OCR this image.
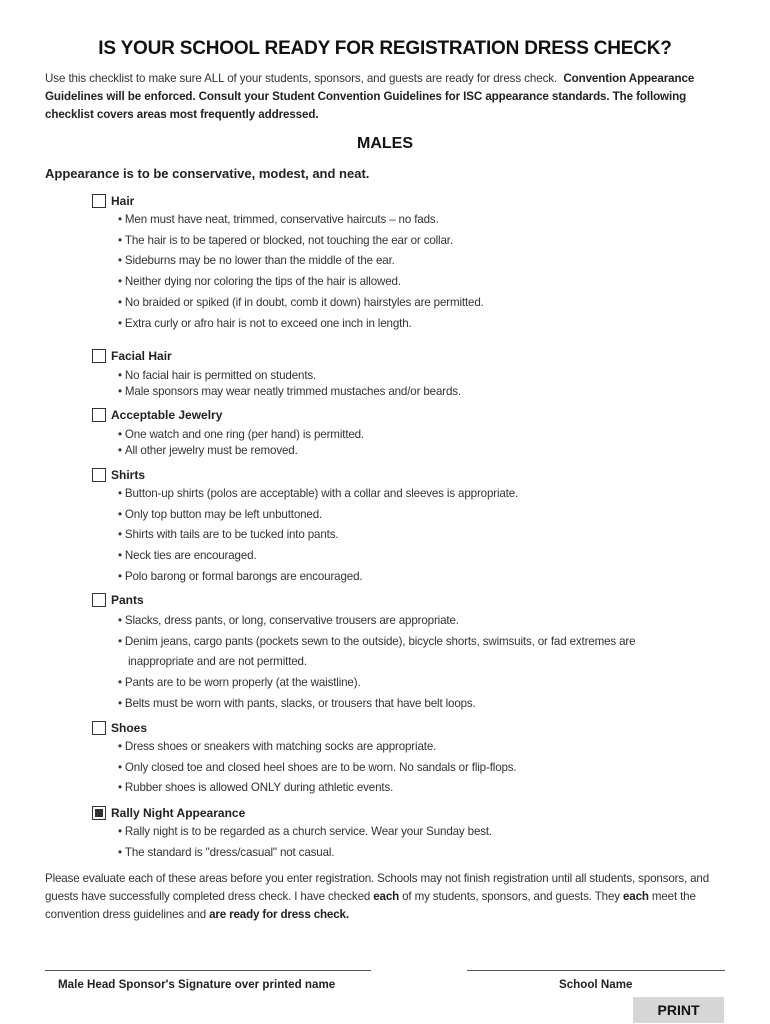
IS YOUR SCHOOL READY FOR REGISTRATION DRESS CHECK?

Use this checklist to make sure ALL of your students, sponsors, and guests are ready for dress check. Convention Appearance Guidelines will be enforced. Consult your Student Convention Guidelines for ISC appearance standards. The following checklist covers areas most frequently addressed.

MALES

Appearance is to be conservative, modest, and neat.

Hair
• Men must have neat, trimmed, conservative haircuts – no fads.
• The hair is to be tapered or blocked, not touching the ear or collar.
• Sideburns may be no lower than the middle of the ear.
• Neither dying nor coloring the tips of the hair is allowed.
• No braided or spiked (if in doubt, comb it down) hairstyles are permitted.
• Extra curly or afro hair is not to exceed one inch in length.
Facial Hair
• No facial hair is permitted on students.
• Male sponsors may wear neatly trimmed mustaches and/or beards.
Acceptable Jewelry
• One watch and one ring (per hand) is permitted.
• All other jewelry must be removed.
Shirts
• Button-up shirts (polos are acceptable) with a collar and sleeves is appropriate.
• Only top button may be left unbuttoned.
• Shirts with tails are to be tucked into pants.
• Neck ties are encouraged.
• Polo barong or formal barongs are encouraged.
Pants
• Slacks, dress pants, or long, conservative trousers are appropriate.
• Denim jeans, cargo pants (pockets sewn to the outside), bicycle shorts, swimsuits, or fad extremes are
inappropriate and are not permitted.
• Pants are to be worn properly (at the waistline).
• Belts must be worn with pants, slacks, or trousers that have belt loops.
Shoes
• Dress shoes or sneakers with matching socks are appropriate.
• Only closed toe and closed heel shoes are to be worn. No sandals or flip-flops.
• Rubber shoes is allowed ONLY during athletic events.
Rally Night Appearance
• Rally night is to be regarded as a church service. Wear your Sunday best.
• The standard is "dress/casual" not casual.

Please evaluate each of these areas before you enter registration. Schools may not finish registration until all students, sponsors, and guests have successfully completed dress check. I have checked each of my students, sponsors, and guests. They each meet the convention dress guidelines and are ready for dress check.

Male Head Sponsor's Signature over printed name	School Name
PRINT
